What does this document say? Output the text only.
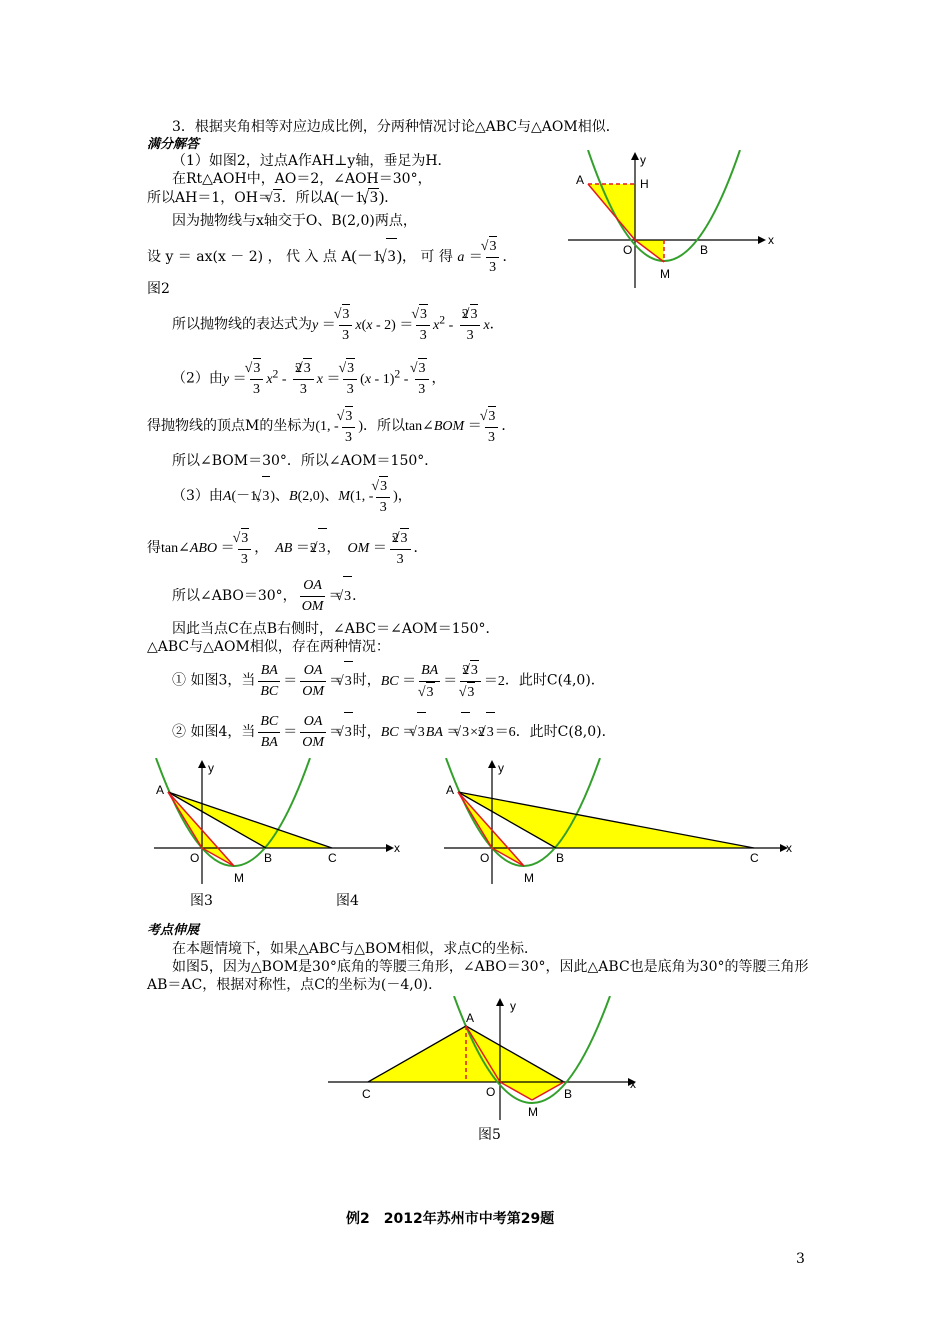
3．根据夹角相等对应边成比例，分两种情况讨论△ABC与△AOM相似．
满分解答
（1）如图2，过点A作AH⊥y轴，垂足为H．
在Rt△AOH中，AO＝2，∠AOH＝30°，
所以AH＝1，OH＝ √ 3．所以A(－1, √ 3)．
因为抛物线与x轴交于O、B(2,0)两点，
设 y ＝ ax(x － 2) ， 代 入 点 A(－1, √ 3)， 可 得 a ＝ √ $\frac{3}{3}$ ．
图2
所以抛物线的表达式为y ＝ √ $\frac{3}{3} x(x - 2)$ ＝ √ $\frac{3}{3} x^2 - \frac{2 √ 3}{3}$ x．
（2）由y ＝ √ $\frac{3}{3} x^2 - \frac{2 √ 3}{3}$ x ＝ √ $\frac{3}{3} (x - 1)^2$ - √ $\frac{3}{3}$ ，
得抛物线的顶点M的坐标为(1, - √ $\frac{3}{3}$ )．所以tan∠BOM ＝ √ $\frac{3}{3}$ ．
所以∠BOM＝30°．所以∠AOM＝150°．
（3）由A(－1, √ 3)、B(2,0)、M(1, - √ $\frac{3}{3}$ )，
得tan∠ABO ＝ √ $\frac{3}{3}$ ，  AB ＝2 √ 3，  OM ＝ $\frac{2 √ 3}{3}$ ．
所以∠ABO＝30°， $\frac{OA}{OM}$ ＝ √ 3．
因此当点C在点B右侧时，∠ABC＝∠AOM＝150°．
△ABC与△AOM相似，存在两种情况：
① 如图3，当 $\frac{BA}{BC} = \frac{OA}{OM}$ ＝ √ 3时，BC ＝ BA
√ 3 ＝ 2 √ 3
√ 3 ＝2．此时C(4,0)．
② 如图4，当 $\frac{BC}{BA} = \frac{OA}{OM}$ ＝ √ 3时，BC ＝ √ 3BA ＝ √ 3×2 √ 3＝6．此时C(8,0)．
A	H
O	B
M
x
y
A
O	B	C
M
x
y
图3	图4
A
O	B	C
M
x
y
考点伸展
在本题情境下，如果△ABC与△BOM相似，求点C的坐标．
如图5，因为△BOM是30°底角的等腰三角形，∠ABO＝30°，因此△ABC也是底角为30°的等腰三角形
AB＝AC，根据对称性，点C的坐标为(－4,0)．
A
O	B
C
M
x
y
图5
例2　2012年苏州市中考第29题
3
